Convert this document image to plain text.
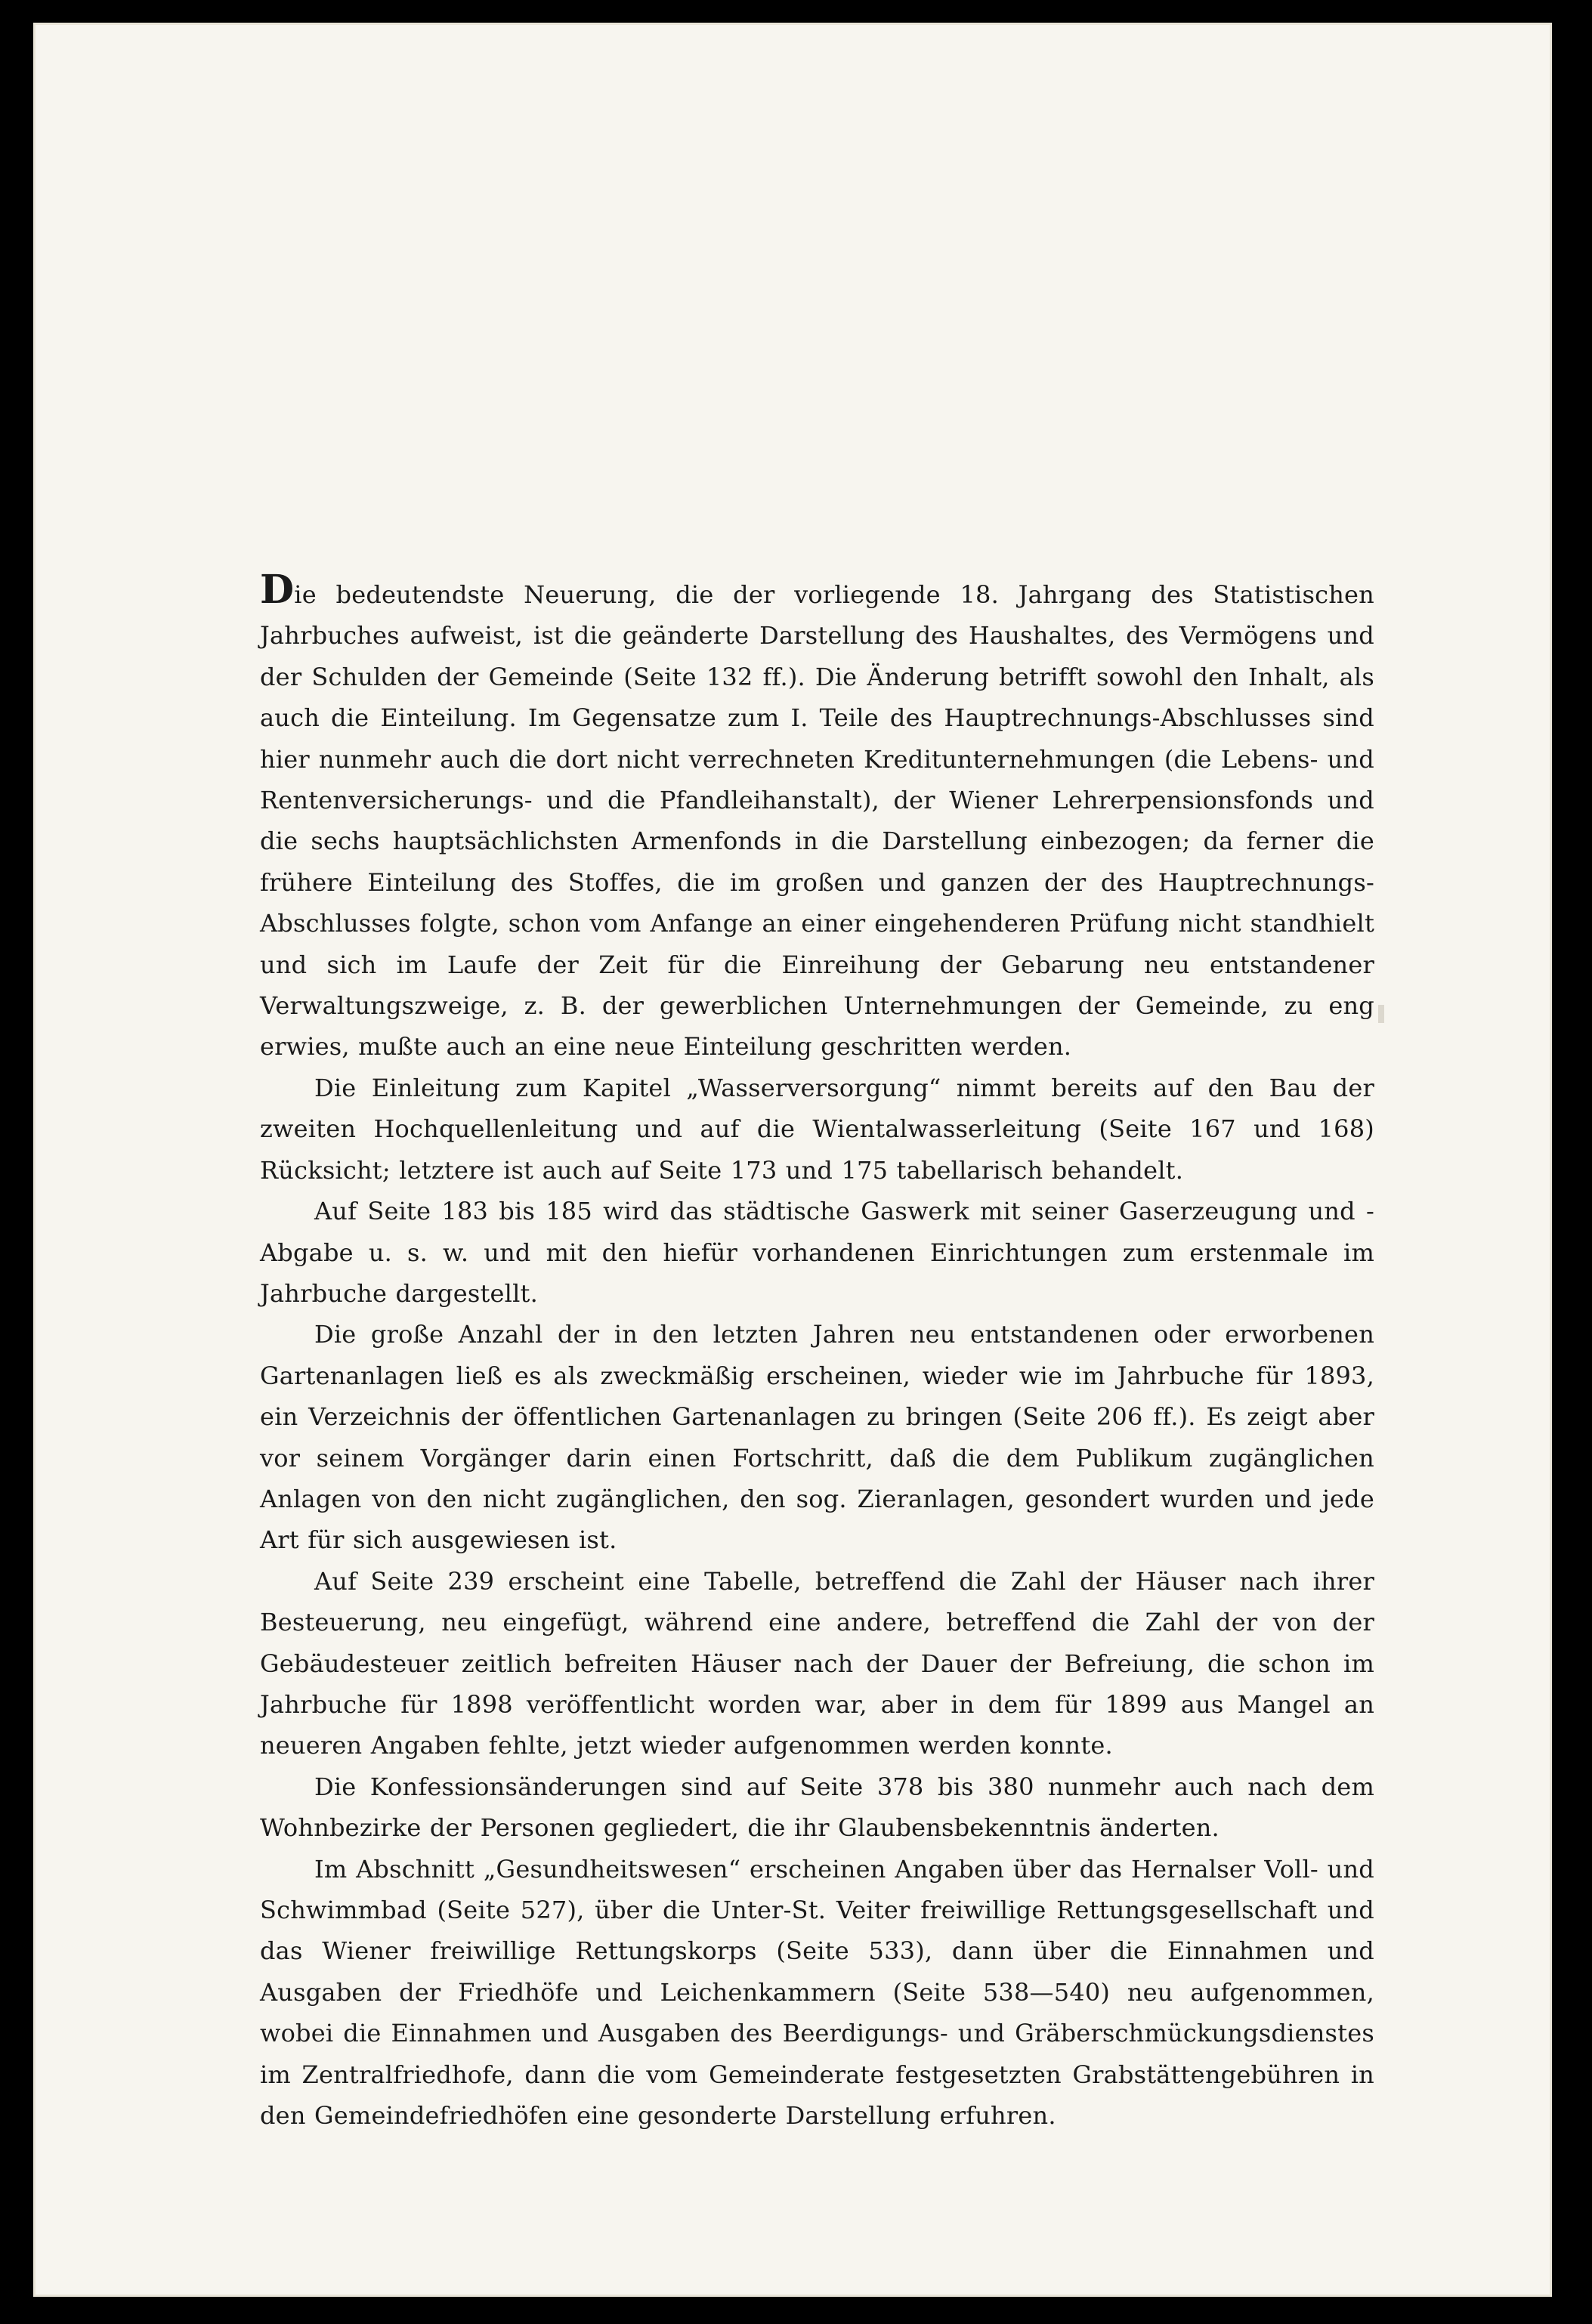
Die bedeutendste Neuerung, die der vorliegende 18. Jahrgang des Statistischen Jahrbuches aufweist, ist die geänderte Darstellung des Haushaltes, des Vermögens und der Schulden der Gemeinde (Seite 132 ff.). Die Änderung betrifft sowohl den Inhalt, als auch die Einteilung. Im Gegensatze zum I. Teile des Hauptrechnungs-Abschlusses sind hier nunmehr auch die dort nicht verrechneten Kreditunternehmungen (die Lebens- und Rentenversicherungs- und die Pfandleihanstalt), der Wiener Lehrerpensionsfonds und die sechs hauptsächlichsten Armenfonds in die Darstellung einbezogen; da ferner die frühere Einteilung des Stoffes, die im großen und ganzen der des Hauptrechnungs-Abschlusses folgte, schon vom Anfange an einer eingehenderen Prüfung nicht standhielt und sich im Laufe der Zeit für die Einreihung der Gebarung neu entstandener Verwaltungszweige, z. B. der gewerblichen Unternehmungen der Gemeinde, zu eng erwies, mußte auch an eine neue Einteilung geschritten werden.

Die Einleitung zum Kapitel „Wasserversorgung“ nimmt bereits auf den Bau der zweiten Hochquellenleitung und auf die Wientalwasserleitung (Seite 167 und 168) Rücksicht; letztere ist auch auf Seite 173 und 175 tabellarisch behandelt.

Auf Seite 183 bis 185 wird das städtische Gaswerk mit seiner Gaserzeugung und -Abgabe u. s. w. und mit den hiefür vorhandenen Einrichtungen zum erstenmale im Jahrbuche dargestellt.

Die große Anzahl der in den letzten Jahren neu entstandenen oder erworbenen Gartenanlagen ließ es als zweckmäßig erscheinen, wieder wie im Jahrbuche für 1893, ein Verzeichnis der öffentlichen Gartenanlagen zu bringen (Seite 206 ff.). Es zeigt aber vor seinem Vorgänger darin einen Fortschritt, daß die dem Publikum zugänglichen Anlagen von den nicht zugänglichen, den sog. Zieranlagen, gesondert wurden und jede Art für sich ausgewiesen ist.

Auf Seite 239 erscheint eine Tabelle, betreffend die Zahl der Häuser nach ihrer Besteuerung, neu eingefügt, während eine andere, betreffend die Zahl der von der Gebäudesteuer zeitlich befreiten Häuser nach der Dauer der Befreiung, die schon im Jahrbuche für 1898 veröffentlicht worden war, aber in dem für 1899 aus Mangel an neueren Angaben fehlte, jetzt wieder aufgenommen werden konnte.

Die Konfessionsänderungen sind auf Seite 378 bis 380 nunmehr auch nach dem Wohnbezirke der Personen gegliedert, die ihr Glaubensbekenntnis änderten.

Im Abschnitt „Gesundheitswesen“ erscheinen Angaben über das Hernalser Voll- und Schwimmbad (Seite 527), über die Unter-St. Veiter freiwillige Rettungsgesellschaft und das Wiener freiwillige Rettungskorps (Seite 533), dann über die Einnahmen und Ausgaben der Friedhöfe und Leichenkammern (Seite 538—540) neu aufgenommen, wobei die Einnahmen und Ausgaben des Beerdigungs- und Gräberschmückungsdienstes im Zentralfriedhofe, dann die vom Gemeinderate festgesetzten Grabstättengebühren in den Gemeindefriedhöfen eine gesonderte Darstellung erfuhren.
